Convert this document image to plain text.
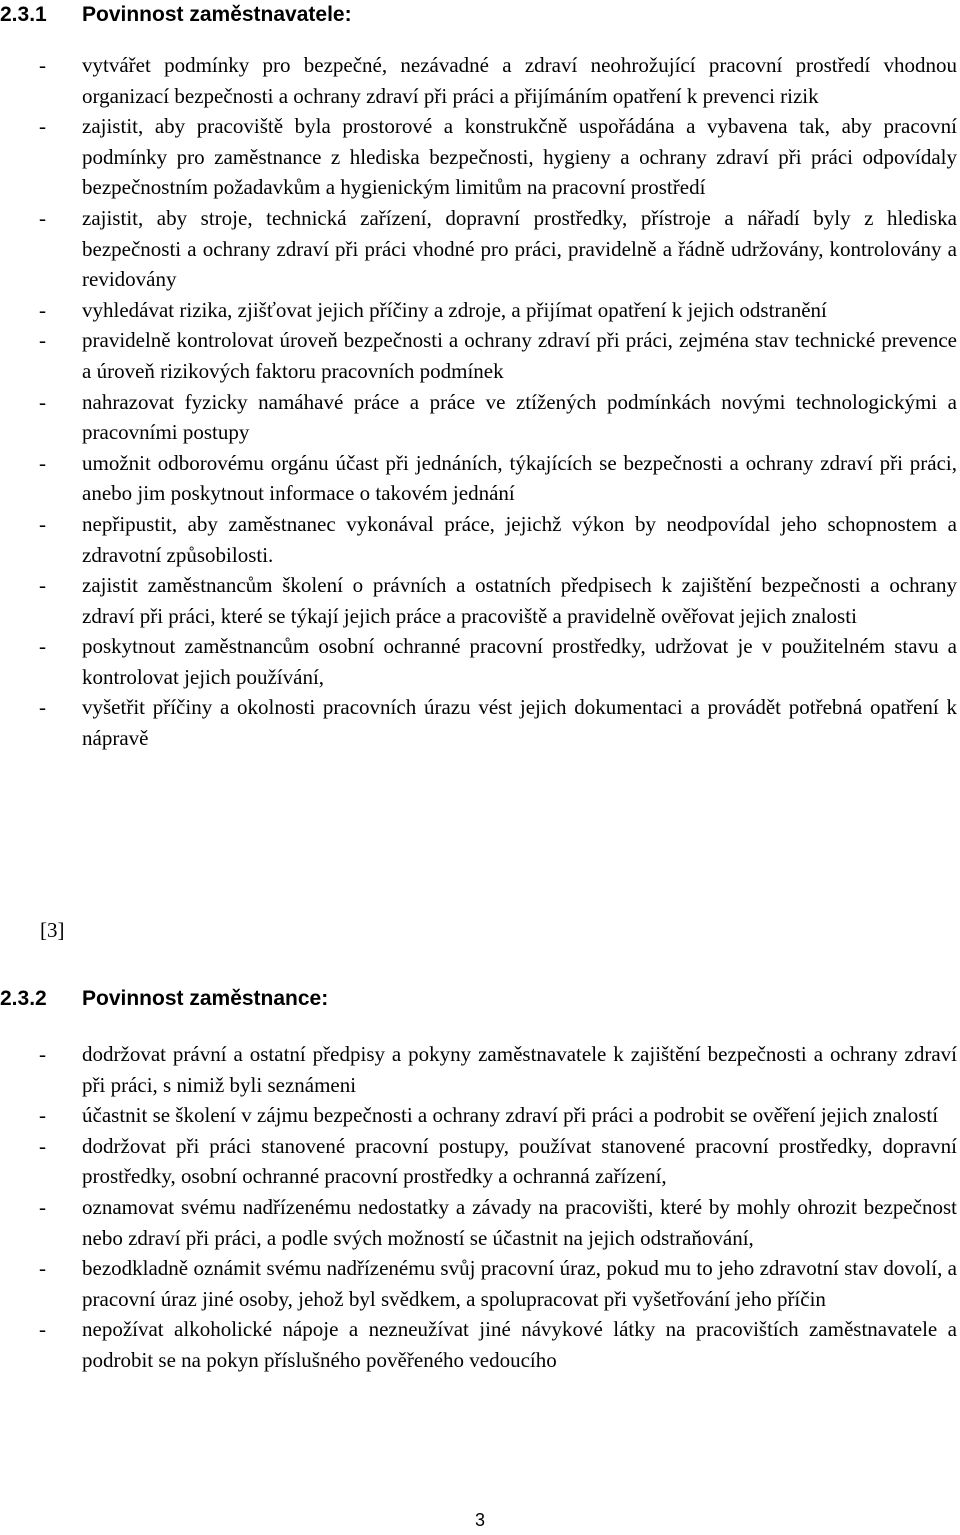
2.3.1	Povinnost zaměstnavatele:
-	vytvářet podmínky pro bezpečné, nezávadné a zdraví neohrožující pracovní prostředí vhodnou organizací bezpečnosti a ochrany zdraví při práci a přijímáním opatření k prevenci rizik
-	zajistit, aby pracoviště byla prostorové a konstrukčně uspořádána a vybavena tak, aby pracovní podmínky pro zaměstnance z hlediska bezpečnosti, hygieny a ochrany zdraví při práci odpovídaly bezpečnostním požadavkům a hygienickým limitům na pracovní prostředí
-	zajistit, aby stroje, technická zařízení, dopravní prostředky, přístroje a nářadí byly z hlediska bezpečnosti a ochrany zdraví při práci vhodné pro práci, pravidelně a řádně udržovány, kontrolovány a revidovány
-	vyhledávat rizika, zjišťovat jejich příčiny a zdroje, a přijímat opatření k jejich odstranění
-	pravidelně kontrolovat úroveň bezpečnosti a ochrany zdraví při práci, zejména stav technické prevence a úroveň rizikových faktoru pracovních podmínek
-	nahrazovat fyzicky namáhavé práce a práce ve ztížených podmínkách novými technologickými a pracovními postupy
-	umožnit odborovému orgánu účast při jednáních, týkajících se bezpečnosti a ochrany zdraví při práci, anebo jim poskytnout informace o takovém jednání
-	nepřipustit, aby zaměstnanec vykonával práce, jejichž výkon by neodpovídal jeho schopnostem a zdravotní způsobilosti.
-	zajistit zaměstnancům školení o právních a ostatních předpisech k zajištění bezpečnosti a ochrany zdraví při práci, které se týkají jejich práce a pracoviště a pravidelně ověřovat jejich znalosti
-	poskytnout zaměstnancům osobní ochranné pracovní prostředky, udržovat je v použitelném stavu a kontrolovat jejich používání,
-	vyšetřit příčiny a okolnosti pracovních úrazu vést jejich dokumentaci a provádět potřebná opatření k nápravě
[3]
2.3.2	Povinnost zaměstnance:
-	dodržovat právní a ostatní předpisy a pokyny zaměstnavatele k zajištění bezpečnosti a ochrany zdraví při práci, s nimiž byli seznámeni
-	účastnit se školení v zájmu bezpečnosti a ochrany zdraví při práci a podrobit se ověření jejich znalostí
-	dodržovat při práci stanovené pracovní postupy, používat stanovené pracovní prostředky, dopravní prostředky, osobní ochranné pracovní prostředky a ochranná zařízení,
-	oznamovat svému nadřízenému nedostatky a závady na pracovišti, které by mohly ohrozit bezpečnost nebo zdraví při práci, a podle svých možností se účastnit na jejich odstraňování,
-	bezodkladně oznámit svému nadřízenému svůj pracovní úraz, pokud mu to jeho zdravotní stav dovolí, a pracovní úraz jiné osoby, jehož byl svědkem, a spolupracovat při vyšetřování jeho příčin
-	nepožívat alkoholické nápoje a nezneužívat jiné návykové látky na pracovištích zaměstnavatele a podrobit se na pokyn příslušného pověřeného vedoucího
3
